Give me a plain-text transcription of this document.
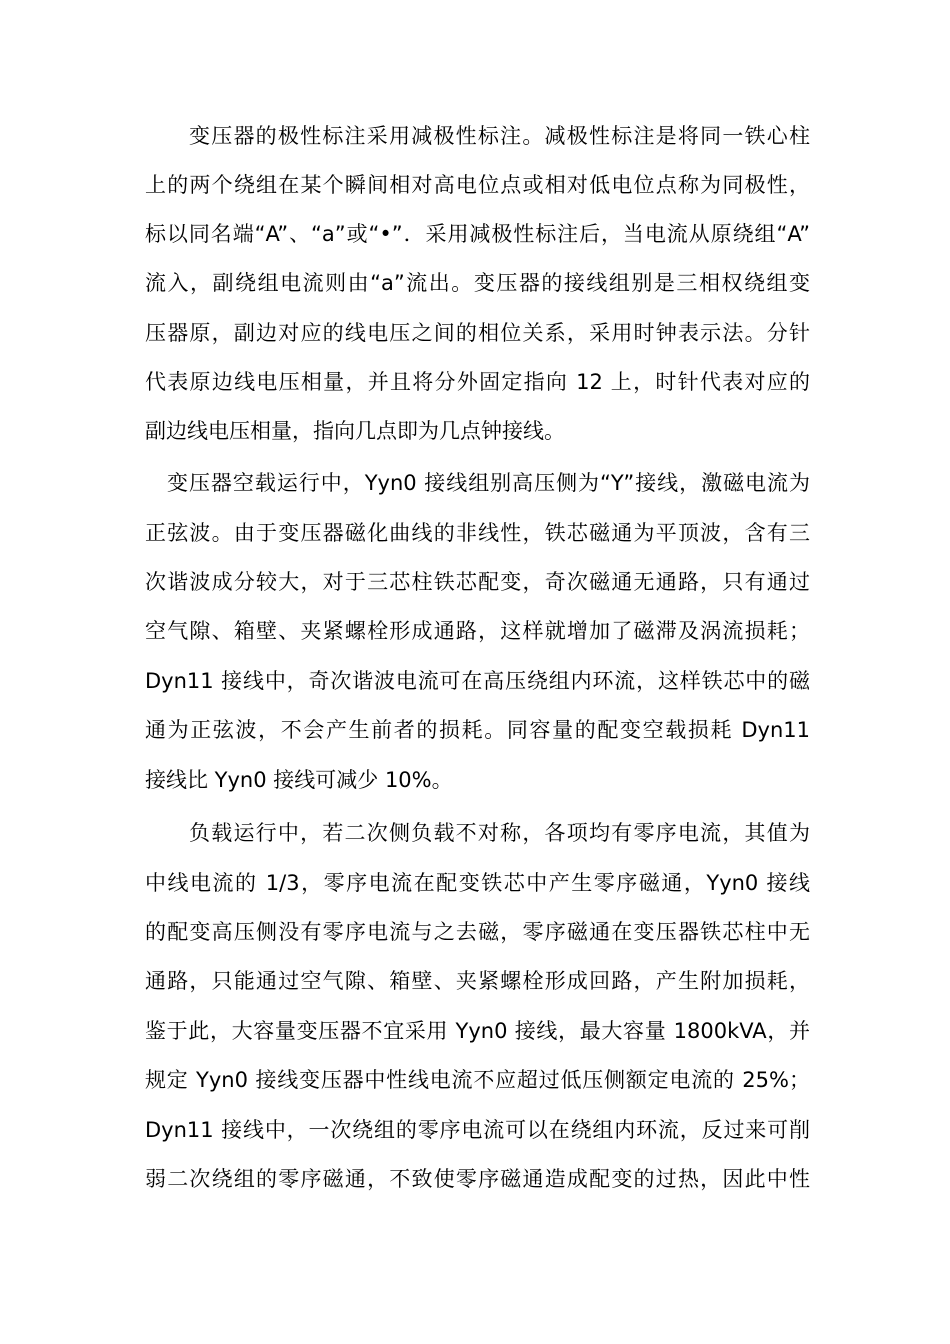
变压器的极性标注采用减极性标注。减极性标注是将同一铁心柱
上的两个绕组在某个瞬间相对高电位点或相对低电位点称为同极性，
标以同名端“A”、“a”或“•”．采用减极性标注后，当电流从原绕组“A”
流入，副绕组电流则由“a”流出。变压器的接线组别是三相权绕组变
压器原，副边对应的线电压之间的相位关系，采用时钟表示法。分针
代表原边线电压相量，并且将分外固定指向 12 上，时针代表对应的
副边线电压相量，指向几点即为几点钟接线。
变压器空载运行中，Yyn0 接线组别高压侧为“Y”接线，激磁电流为
正弦波。由于变压器磁化曲线的非线性，铁芯磁通为平顶波，含有三
次谐波成分较大，对于三芯柱铁芯配变，奇次磁通无通路，只有通过
空气隙、箱壁、夹紧螺栓形成通路，这样就增加了磁滞及涡流损耗；
Dyn11 接线中，奇次谐波电流可在高压绕组内环流，这样铁芯中的磁
通为正弦波，不会产生前者的损耗。同容量的配变空载损耗 Dyn11
接线比 Yyn0 接线可减少 10%。
负载运行中，若二次侧负载不对称，各项均有零序电流，其值为
中线电流的 1/3，零序电流在配变铁芯中产生零序磁通，Yyn0 接线
的配变高压侧没有零序电流与之去磁，零序磁通在变压器铁芯柱中无
通路，只能通过空气隙、箱壁、夹紧螺栓形成回路，产生附加损耗，
鉴于此，大容量变压器不宜采用 Yyn0 接线，最大容量 1800kVA，并
规定 Yyn0 接线变压器中性线电流不应超过低压侧额定电流的 25%；
Dyn11 接线中，一次绕组的零序电流可以在绕组内环流，反过来可削
弱二次绕组的零序磁通，不致使零序磁通造成配变的过热，因此中性
